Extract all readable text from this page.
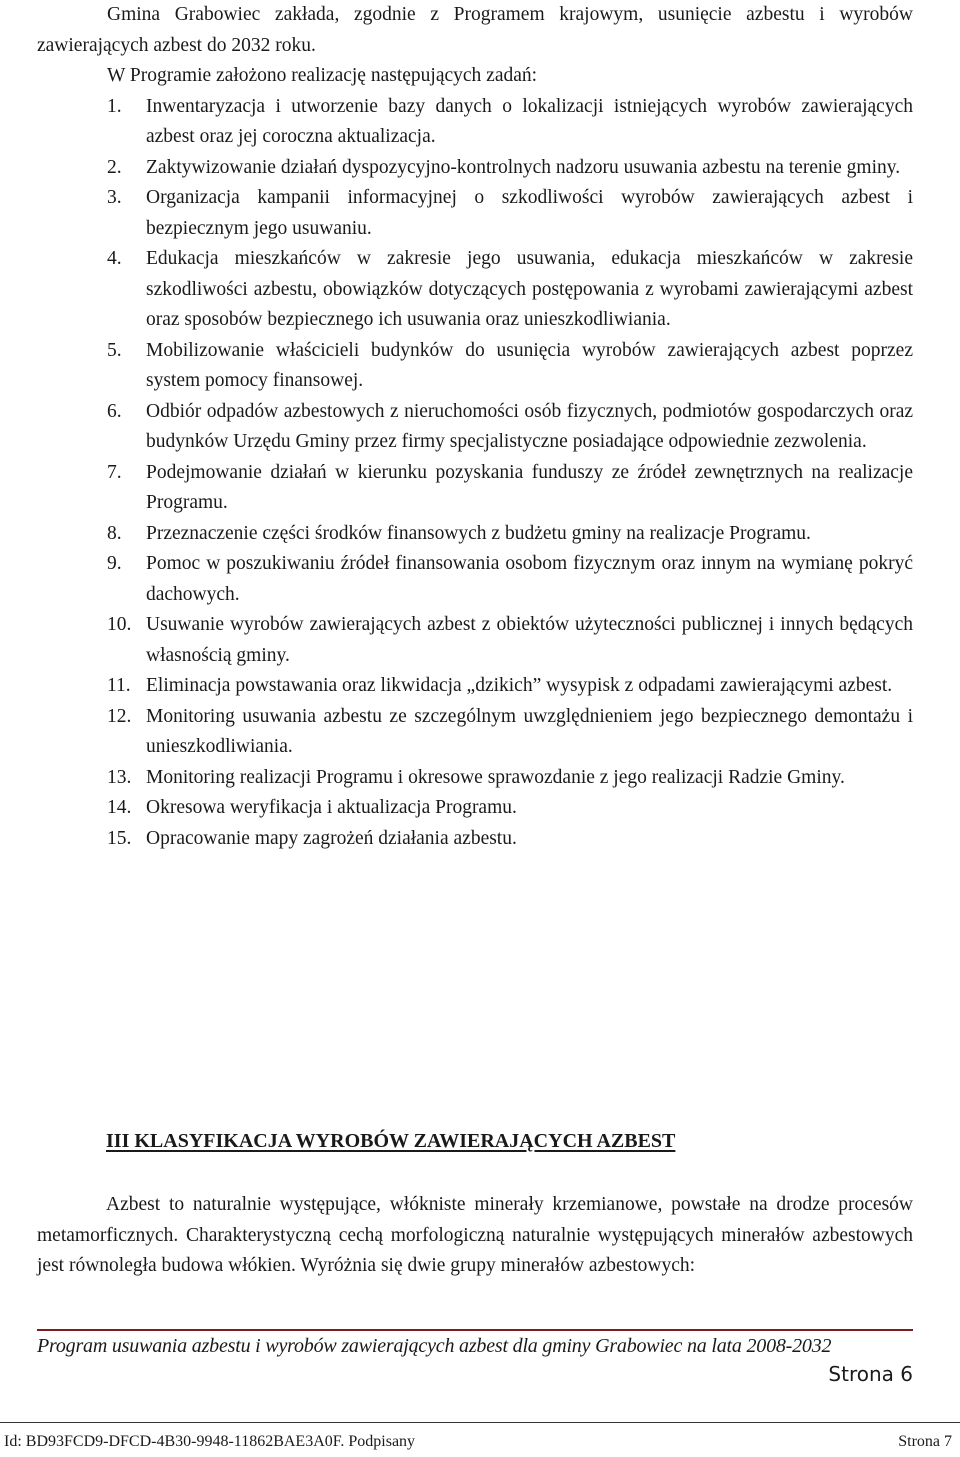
Gmina Grabowiec zakłada, zgodnie z Programem krajowym, usunięcie azbestu i wyrobów zawierających azbest do 2032 roku.

W Programie założono realizację następujących zadań:

1. Inwentaryzacja i utworzenie bazy danych o lokalizacji istniejących wyrobów zawierających azbest oraz jej coroczna aktualizacja.
2. Zaktywizowanie działań dyspozycyjno-kontrolnych nadzoru usuwania azbestu na terenie gminy.
3. Organizacja kampanii informacyjnej o szkodliwości wyrobów zawierających azbest i bezpiecznym jego usuwaniu.
4. Edukacja mieszkańców w zakresie jego usuwania, edukacja mieszkańców w zakresie szkodliwości azbestu, obowiązków dotyczących postępowania z wyrobami zawierającymi azbest oraz sposobów bezpiecznego ich usuwania oraz unieszkodliwiania.
5. Mobilizowanie właścicieli budynków do usunięcia wyrobów zawierających azbest poprzez system pomocy finansowej.
6. Odbiór odpadów azbestowych z nieruchomości osób fizycznych, podmiotów gospodarczych oraz budynków Urzędu Gminy przez firmy specjalistyczne posiadające odpowiednie zezwolenia.
7. Podejmowanie działań w kierunku pozyskania funduszy ze źródeł zewnętrznych na realizacje Programu.
8. Przeznaczenie części środków finansowych z budżetu gminy na realizacje Programu.
9. Pomoc w poszukiwaniu źródeł finansowania osobom fizycznym oraz innym na wymianę pokryć dachowych.
10. Usuwanie wyrobów zawierających azbest z obiektów użyteczności publicznej i innych będących własnością gminy.
11. Eliminacja powstawania oraz likwidacja „dzikich” wysypisk z odpadami zawierającymi azbest.
12. Monitoring usuwania azbestu ze szczególnym uwzględnieniem jego bezpiecznego demontażu i unieszkodliwiania.
13. Monitoring realizacji Programu i okresowe sprawozdanie z jego realizacji Radzie Gminy.
14. Okresowa weryfikacja i aktualizacja Programu.
15. Opracowanie mapy zagrożeń działania azbestu.
III KLASYFIKACJA WYROBÓW ZAWIERAJĄCYCH AZBEST

Azbest to naturalnie występujące, włókniste minerały krzemianowe, powstałe na drodze procesów metamorficznych. Charakterystyczną cechą morfologiczną naturalnie występujących minerałów azbestowych jest równoległa budowa włókien. Wyróżnia się dwie grupy minerałów azbestowych:

Program usuwania azbestu i wyrobów zawierających azbest dla gminy Grabowiec na lata 2008-2032

Strona 6

Id: BD93FCD9-DFCD-4B30-9948-11862BAE3A0F. Podpisany	Strona 7
